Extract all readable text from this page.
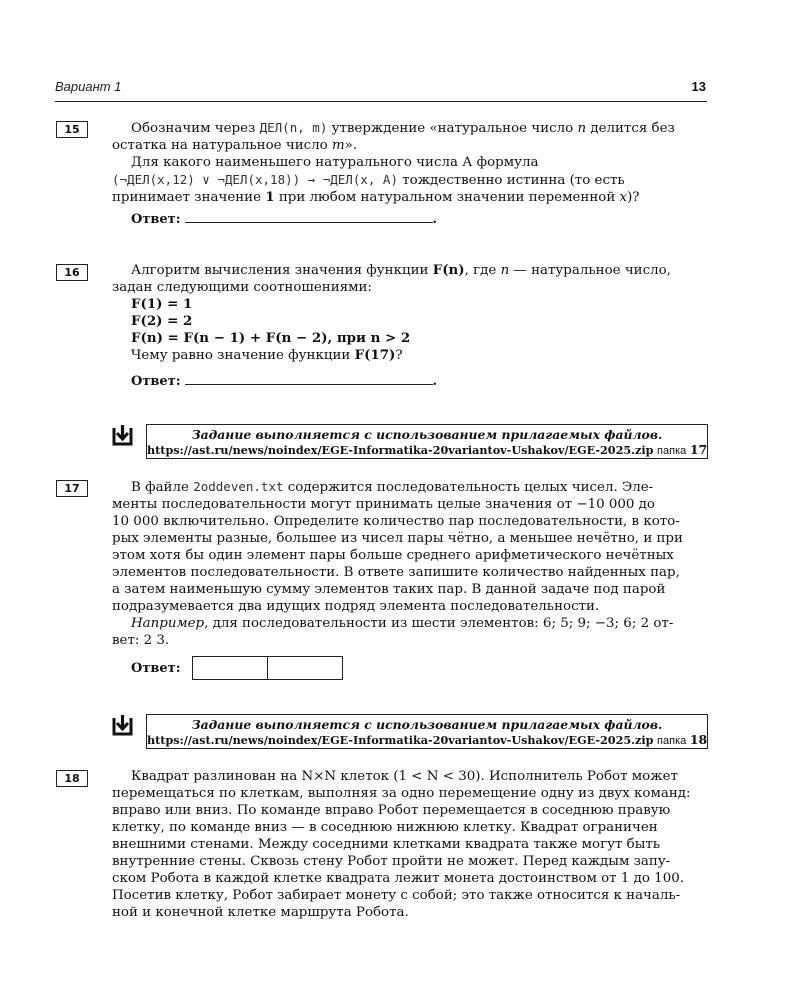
Вариант 1	13
15	Обозначим через ДЕЛ(n, m) утверждение «натуральное число n делится без

остатка на натуральное число m».

Для какого наименьшего натурального числа А формула

(¬ДЕЛ(x,12) ∨ ¬ДЕЛ(x,18)) → ¬ДЕЛ(x, A) тождественно истинна (то есть

принимает значение 1 при любом натуральном значении переменной x)?

Ответ:	.
16	Алгоритм вычисления значения функции F(n), где n — натуральное число,

задан следующими соотношениями:

F(1) = 1

F(2) = 2

F(n) = F(n − 1) + F(n − 2), при n > 2

Чему равно значение функции F(17)?

Ответ:	.
Задание выполняется с использованием прилагаемых файлов.
https://ast.ru/news/noindex/EGE-Informatika-20variantov-Ushakov/EGE-2025.zip папка 17
17	В файле 2oddeven.txt содержится последовательность целых чисел. Эле-

менты последовательности могут принимать целые значения от −10 000 до

10 000 включительно. Определите количество пар последовательности, в кото-

рых элементы разные, большее из чисел пары чётно, а меньшее нечётно, и при

этом хотя бы один элемент пары больше среднего арифметического нечётных

элементов последовательности. В ответе запишите количество найденных пар,

а затем наименьшую сумму элементов таких пар. В данной задаче под парой

подразумевается два идущих подряд элемента последовательности.

Например, для последовательности из шести элементов: 6; 5; 9; −3; 6; 2 от-

вет: 2 3.

Ответ:
Задание выполняется с использованием прилагаемых файлов.
https://ast.ru/news/noindex/EGE-Informatika-20variantov-Ushakov/EGE-2025.zip папка 18
18	Квадрат разлинован на N×N клеток (1 < N < 30). Исполнитель Робот может

перемещаться по клеткам, выполняя за одно перемещение одну из двух команд:

вправо или вниз. По команде вправо Робот перемещается в соседнюю правую

клетку, по команде вниз — в соседнюю нижнюю клетку. Квадрат ограничен

внешними стенами. Между соседними клетками квадрата также могут быть

внутренние стены. Сквозь стену Робот пройти не может. Перед каждым запу-

ском Робота в каждой клетке квадрата лежит монета достоинством от 1 до 100.

Посетив клетку, Робот забирает монету с собой; это также относится к началь-

ной и конечной клетке маршрута Робота.
